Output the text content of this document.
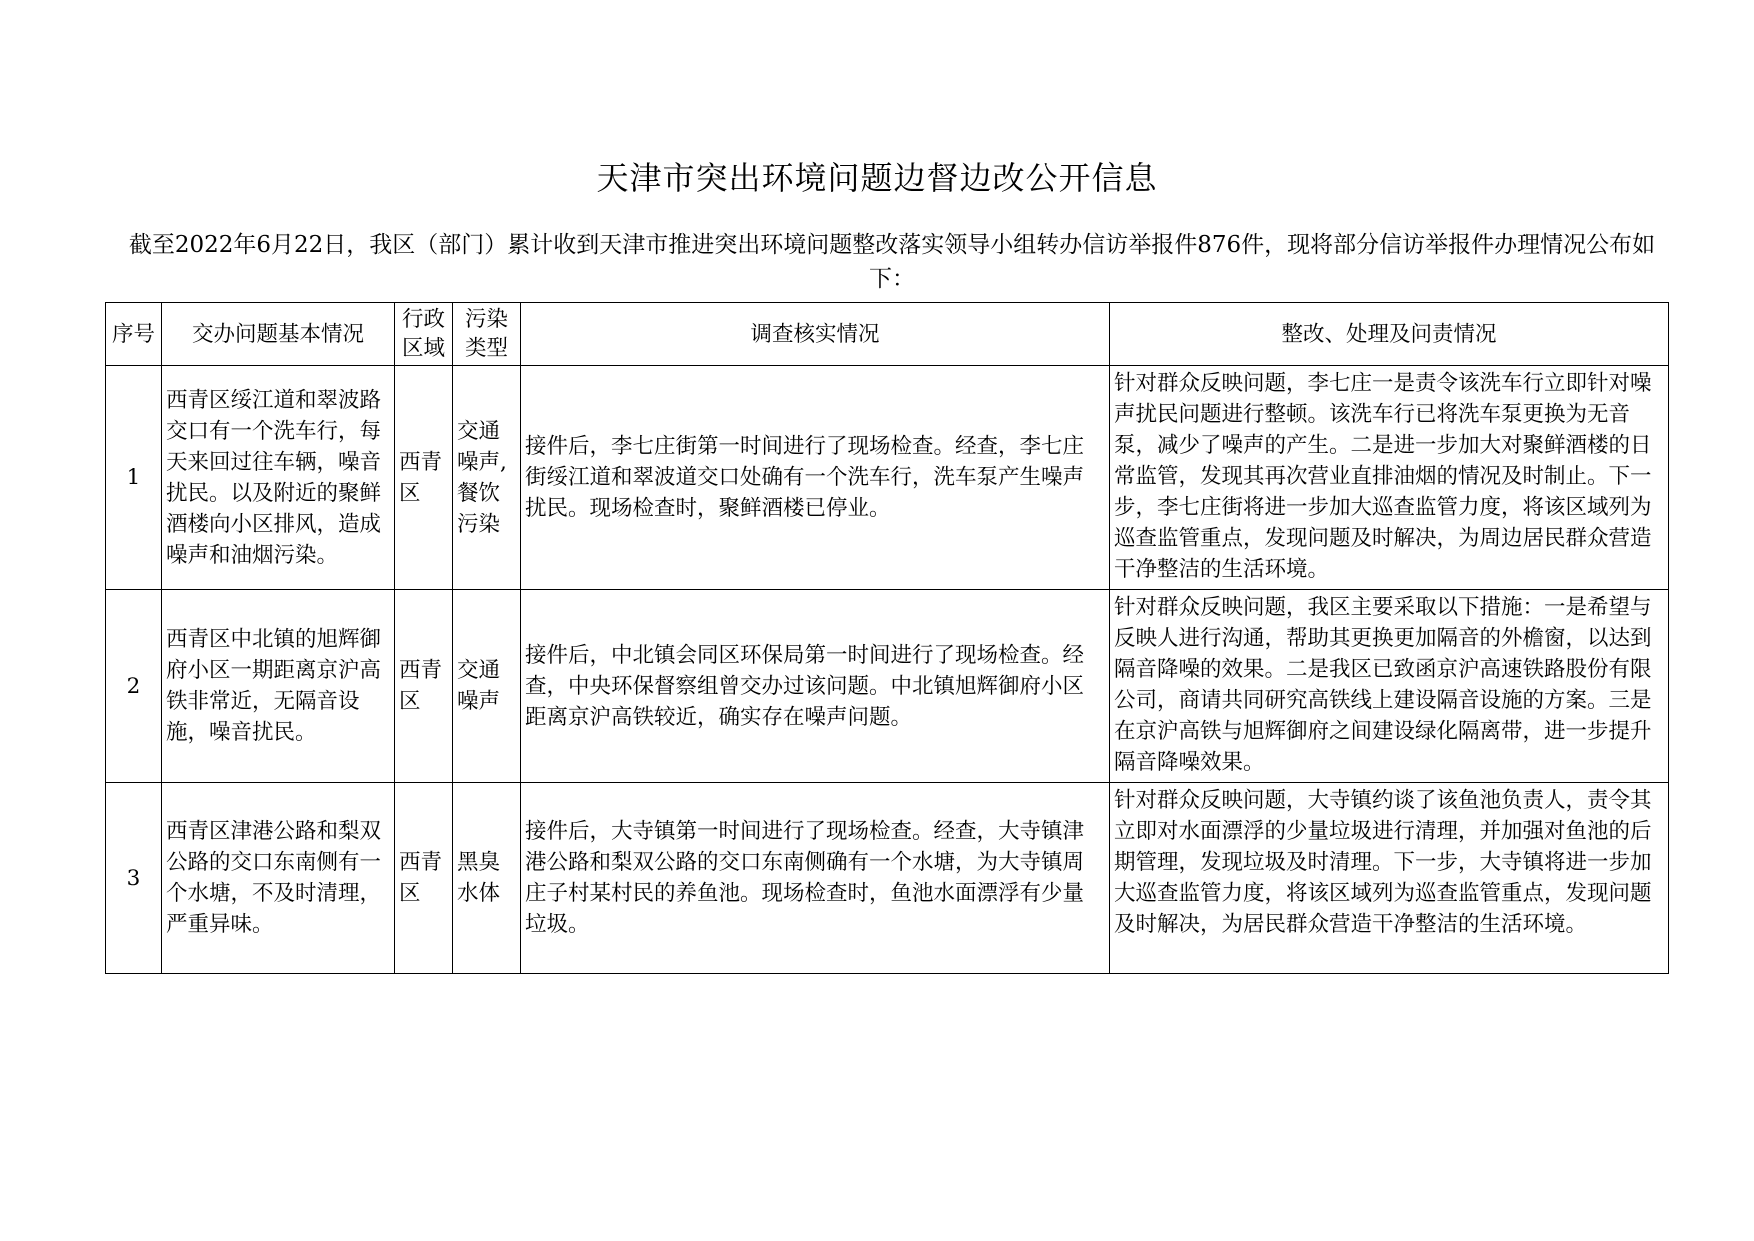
天津市突出环境问题边督边改公开信息
截至2022年6月22日，我区（部门）累计收到天津市推进突出环境问题整改落实领导小组转办信访举报件876件，现将部分信访举报件办理情况公布如下：
序号	交办问题基本情况	行政区域	污染类型	调查核实情况	整改、处理及问责情况
1	西青区绥江道和翠波路交口有一个洗车行，每天来回过往车辆，噪音扰民。以及附近的聚鲜酒楼向小区排风，造成噪声和油烟污染。	西青区	交通噪声,餐饮污染	接件后，李七庄街第一时间进行了现场检查。经查，李七庄街绥江道和翠波道交口处确有一个洗车行，洗车泵产生噪声扰民。现场检查时，聚鲜酒楼已停业。	针对群众反映问题，李七庄一是责令该洗车行立即针对噪声扰民问题进行整顿。该洗车行已将洗车泵更换为无音泵，减少了噪声的产生。二是进一步加大对聚鲜酒楼的日常监管，发现其再次营业直排油烟的情况及时制止。下一步，李七庄街将进一步加大巡查监管力度，将该区域列为巡查监管重点，发现问题及时解决，为周边居民群众营造干净整洁的生活环境。
2	西青区中北镇的旭辉御府小区一期距离京沪高铁非常近，无隔音设施，噪音扰民。	西青区	交通噪声	接件后，中北镇会同区环保局第一时间进行了现场检查。经查，中央环保督察组曾交办过该问题。中北镇旭辉御府小区距离京沪高铁较近，确实存在噪声问题。	针对群众反映问题，我区主要采取以下措施：一是希望与反映人进行沟通，帮助其更换更加隔音的外檐窗，以达到隔音降噪的效果。二是我区已致函京沪高速铁路股份有限公司，商请共同研究高铁线上建设隔音设施的方案。三是在京沪高铁与旭辉御府之间建设绿化隔离带，进一步提升隔音降噪效果。
3	西青区津港公路和梨双公路的交口东南侧有一个水塘，不及时清理，严重异味。	西青区	黑臭水体	接件后，大寺镇第一时间进行了现场检查。经查，大寺镇津港公路和梨双公路的交口东南侧确有一个水塘，为大寺镇周庄子村某村民的养鱼池。现场检查时，鱼池水面漂浮有少量垃圾。	针对群众反映问题，大寺镇约谈了该鱼池负责人，责令其立即对水面漂浮的少量垃圾进行清理，并加强对鱼池的后期管理，发现垃圾及时清理。下一步，大寺镇将进一步加大巡查监管力度，将该区域列为巡查监管重点，发现问题及时解决，为居民群众营造干净整洁的生活环境。
